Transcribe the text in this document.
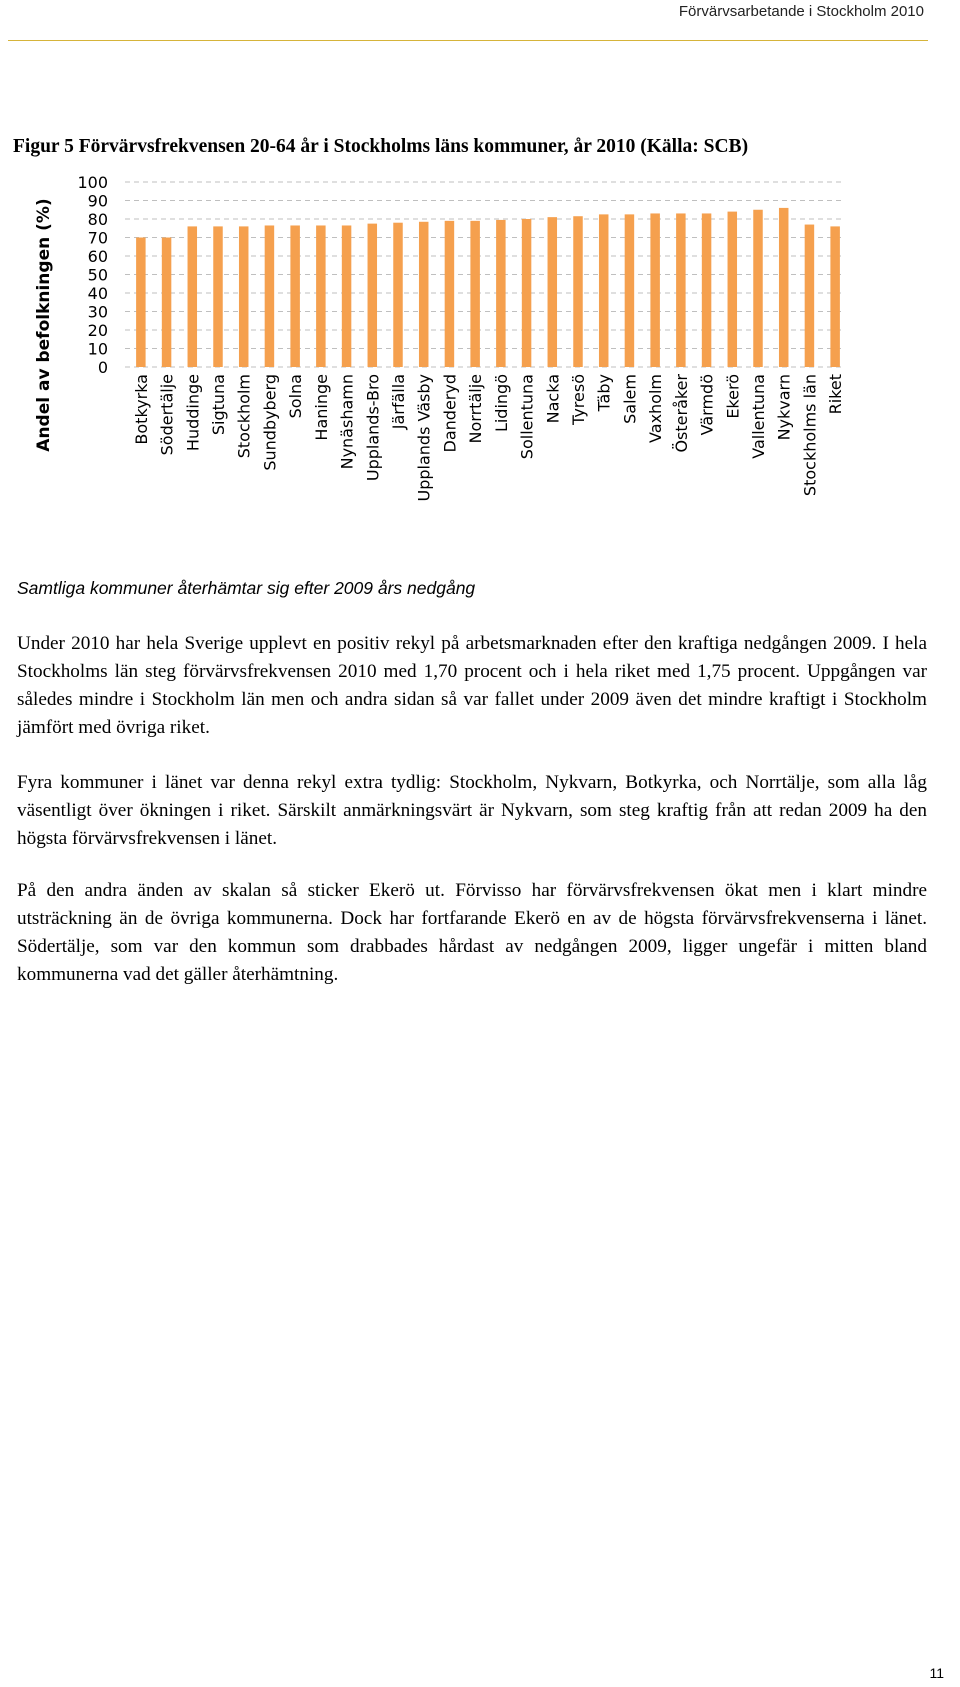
Förvärvsarbetande i Stockholm 2010
Figur 5 Förvärvsfrekvensen 20-64 år i Stockholms läns kommuner, år 2010 (Källa: SCB)
Andel av befolkningen (%)	0
10
20
30
40
50
60
70
80
90
100
Botkyrka Södertälje Huddinge Sigtuna Stockholm Sundbyberg Solna Haninge Nynäshamn Upplands-Bro Järfälla Upplands Väsby Danderyd Norrtälje Lidingö Sollentuna Nacka Tyresö Täby Salem Vaxholm Österåker Värmdö Ekerö Vallentuna Nykvarn Stockholms län Riket
Samtliga kommuner återhämtar sig efter 2009 års nedgång

Under 2010 har hela Sverige upplevt en positiv rekyl på arbetsmarknaden efter den kraftiga nedgången 2009. I hela Stockholms län steg förvärvsfrekvensen 2010 med 1,70 procent och i hela riket med 1,75 procent. Uppgången var således mindre i Stockholm län men och andra sidan så var fallet under 2009 även det mindre kraftigt i Stockholm jämfört med övriga riket.

Fyra kommuner i länet var denna rekyl extra tydlig: Stockholm, Nykvarn, Botkyrka, och Norrtälje, som alla låg väsentligt över ökningen i riket. Särskilt anmärkningsvärt är Nykvarn, som steg kraftig från att redan 2009 ha den högsta förvärvsfrekvensen i länet.

På den andra änden av skalan så sticker Ekerö ut. Förvisso har förvärvsfrekvensen ökat men i klart mindre utsträckning än de övriga kommunerna. Dock har fortfarande Ekerö en av de högsta förvärvsfrekvenserna i länet. Södertälje, som var den kommun som drabbades hårdast av nedgången 2009, ligger ungefär i mitten bland kommunerna vad det gäller återhämtning.

11
